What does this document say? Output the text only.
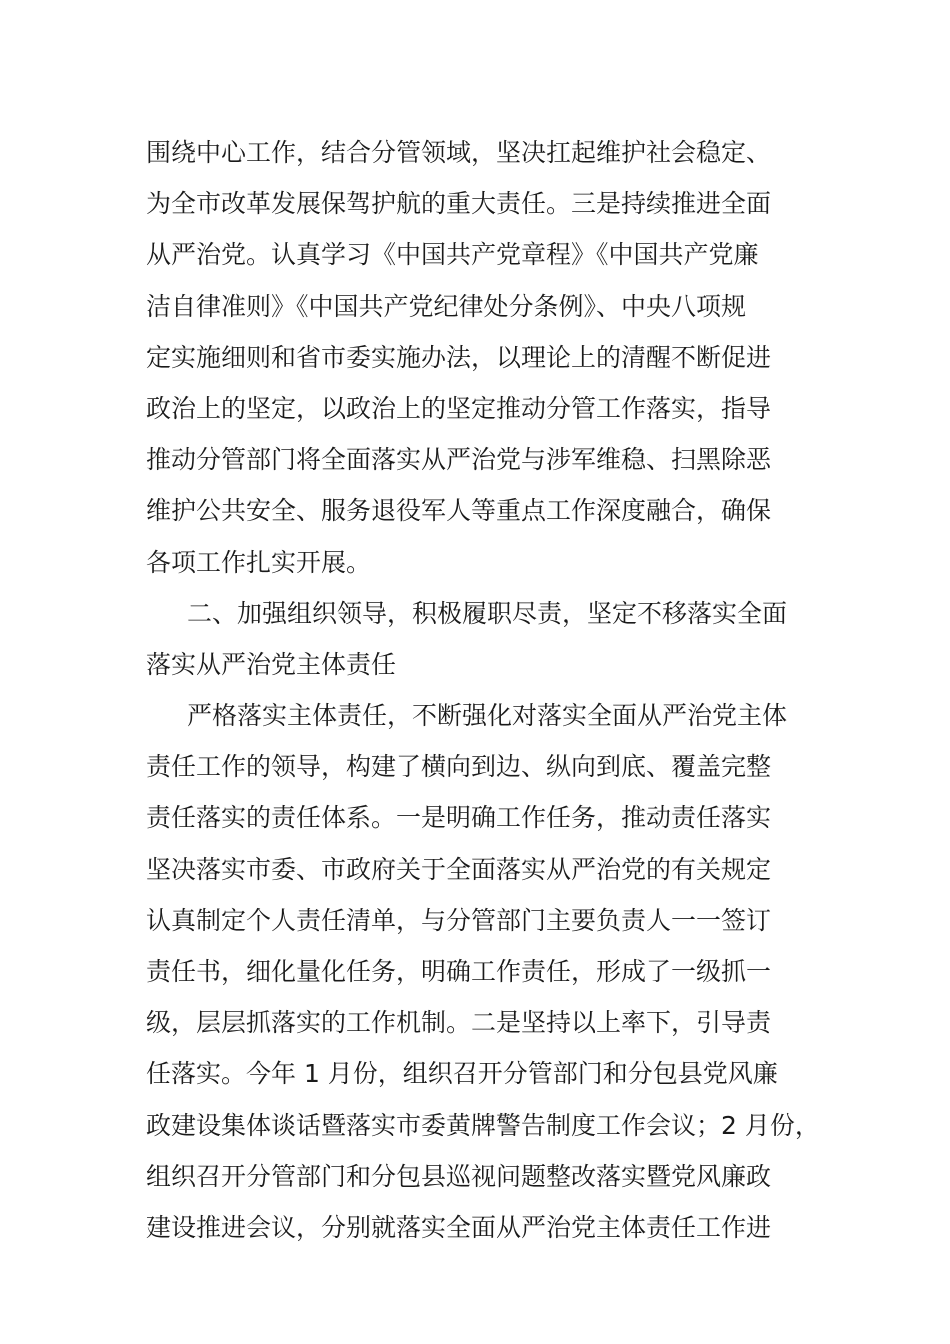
围绕中心工作，结合分管领域，坚决扛起维护社会稳定、
为全市改革发展保驾护航的重大责任。三是持续推进全面
从严治党。认真学习《中国共产党章程》《中国共产党廉
洁自律准则》《中国共产党纪律处分条例》、中央八项规
定实施细则和省市委实施办法，以理论上的清醒不断促进
政治上的坚定，以政治上的坚定推动分管工作落实，指导
推动分管部门将全面落实从严治党与涉军维稳、扫黑除恶
维护公共安全、服务退役军人等重点工作深度融合，确保
各项工作扎实开展。
二、加强组织领导，积极履职尽责，坚定不移落实全面
落实从严治党主体责任
严格落实主体责任，不断强化对落实全面从严治党主体
责任工作的领导，构建了横向到边、纵向到底、覆盖完整
责任落实的责任体系。一是明确工作任务，推动责任落实
坚决落实市委、市政府关于全面落实从严治党的有关规定
认真制定个人责任清单，与分管部门主要负责人一一签订
责任书，细化量化任务，明确工作责任，形成了一级抓一
级，层层抓落实的工作机制。二是坚持以上率下，引导责
任落实。今年 1 月份，组织召开分管部门和分包县党风廉
政建设集体谈话暨落实市委黄牌警告制度工作会议；2 月份，
组织召开分管部门和分包县巡视问题整改落实暨党风廉政
建设推进会议，分别就落实全面从严治党主体责任工作进
